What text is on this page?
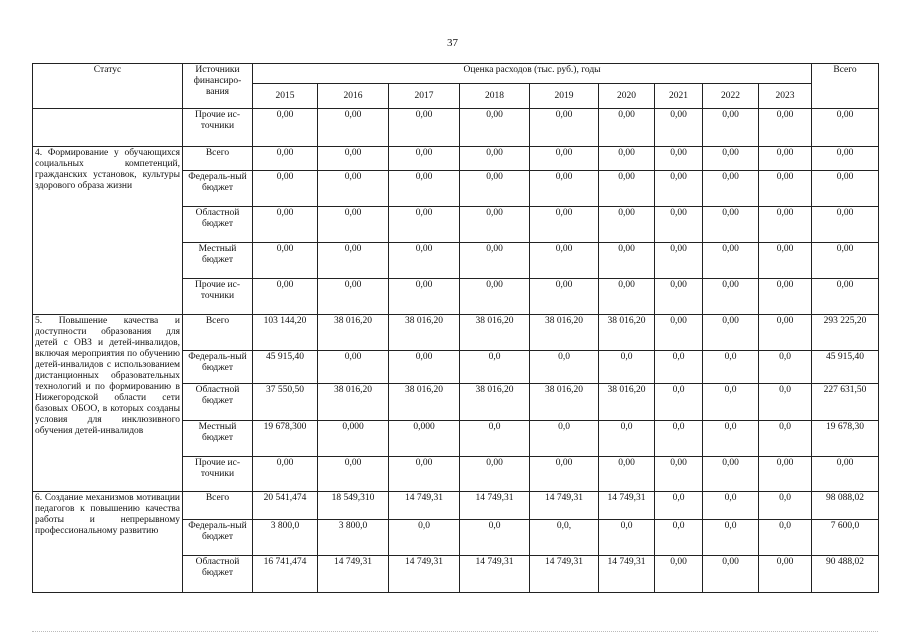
37
Статус	Источники финансиро-вания	Оценка расходов (тыс. руб.), годы									Всего
		2015	2016	2017	2018	2019	2020	2021	2022	2023	
	Прочие ис-точники	0,00	0,00	0,00	0,00	0,00	0,00	0,00	0,00	0,00	0,00
4. Формирование у обучающихся социальных компетенций, гражданских установок, культуры здорового образа жизни	Всего	0,00	0,00	0,00	0,00	0,00	0,00	0,00	0,00	0,00	0,00
	Федераль-ный бюджет	0,00	0,00	0,00	0,00	0,00	0,00	0,00	0,00	0,00	0,00
	Областной бюджет	0,00	0,00	0,00	0,00	0,00	0,00	0,00	0,00	0,00	0,00
	Местный бюджет	0,00	0,00	0,00	0,00	0,00	0,00	0,00	0,00	0,00	0,00
	Прочие ис-точники	0,00	0,00	0,00	0,00	0,00	0,00	0,00	0,00	0,00	0,00
5. Повышение качества и доступности образования для детей с ОВЗ и детей-инвалидов, включая мероприятия по обучению детей-инвалидов с использованием дистанционных образовательных технологий и по формированию в Нижегородской области сети базовых ОБОО, в которых созданы условия для инклюзивного обучения детей-инвалидов	Всего	103 144,20	38 016,20	38 016,20	38 016,20	38 016,20	38 016,20	0,00	0,00	0,00	293 225,20
	Федераль-ный бюджет	45 915,40	0,00	0,00	0,0	0,0	0,0	0,0	0,0	0,0	45 915,40
	Областной бюджет	37 550,50	38 016,20	38 016,20	38 016,20	38 016,20	38 016,20	0,0	0,0	0,0	227 631,50
	Местный бюджет	19 678,300	0,000	0,000	0,0	0,0	0,0	0,0	0,0	0,0	19 678,30
	Прочие ис-точники	0,00	0,00	0,00	0,00	0,00	0,00	0,00	0,00	0,00	0,00
6. Создание механизмов мотивации педагогов к повышению качества работы и непрерывному профессиональному развитию	Всего	20 541,474	18 549,310	14 749,31	14 749,31	14 749,31	14 749,31	0,0	0,0	0,0	98 088,02
	Федераль-ный бюджет	3 800,0	3 800,0	0,0	0,0	0,0,	0,0	0,0	0,0	0,0	7 600,0
	Областной бюджет	16 741,474	14 749,31	14 749,31	14 749,31	14 749,31	14 749,31	0,00	0,00	0,00	90 488,02
